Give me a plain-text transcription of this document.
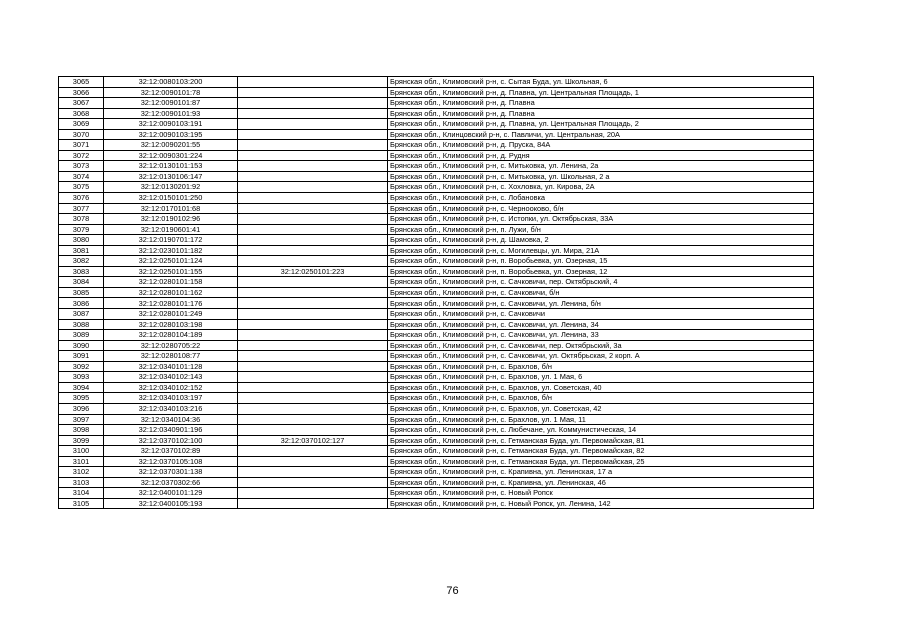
3065	32:12:0080103:200		Брянская обл., Климовский р-н, с. Сытая Буда, ул. Школьная, 6
3066	32:12:0090101:78		Брянская обл., Климовский р-н, д. Плавна, ул. Центральная Площадь, 1
3067	32:12:0090101:87		Брянская обл., Климовский р-н, д. Плавна
3068	32:12:0090101:93		Брянская обл., Климовский р-н, д. Плавна
3069	32:12:0090103:191		Брянская обл., Климовский р-н, д. Плавна, ул. Центральная Площадь, 2
3070	32:12:0090103:195		Брянская обл., Клинцовский р-н, с. Павличи, ул. Центральная, 20А
3071	32:12:0090201:55		Брянская обл., Климовский р-н, д. Пруска, 84А
3072	32:12:0090301:224		Брянская обл., Климовский р-н, д. Рудня
3073	32:12:0130101:153		Брянская обл., Климовский р-н, с. Митьковка, ул. Ленина, 2а
3074	32:12:0130106:147		Брянская обл., Климовский р-н, с. Митьковка, ул. Школьная, 2 а
3075	32:12:0130201:92		Брянская обл., Климовский р-н, с. Хохловка, ул. Кирова, 2А
3076	32:12:0150101:250		Брянская обл., Климовский р-н, с. Лобановка
3077	32:12:0170101:68		Брянская обл., Климовский р-н, с. Чернооково, б/н
3078	32:12:0190102:96		Брянская обл., Климовский р-н, с. Истопки, ул. Октябрьская, 33А
3079	32:12:0190601:41		Брянская обл., Климовский р-н, п. Лужи, б/н
3080	32:12:0190701:172		Брянская обл., Климовский р-н, д. Шамовка, 2
3081	32:12:0230101:182		Брянская обл., Климовский р-н, с. Могилевцы, ул. Мира, 21А
3082	32:12:0250101:124		Брянская обл., Климовский р-н, п. Воробьевка, ул. Озерная, 15
3083	32:12:0250101:155	32:12:0250101:223	Брянская обл., Климовский р-н, п. Воробьевка, ул. Озерная, 12
3084	32:12:0280101:158		Брянская обл., Климовский р-н, с. Сачковичи, пер. Октябрьский, 4
3085	32:12:0280101:162		Брянская обл., Климовский р-н, с. Сачковичи, б/н
3086	32:12:0280101:176		Брянская обл., Климовский р-н, с. Сачковичи, ул. Ленина, б/н
3087	32:12:0280101:249		Брянская обл., Климовский р-н, с. Сачковичи
3088	32:12:0280103:198		Брянская обл., Климовский р-н, с. Сачковичи, ул. Ленина, 34
3089	32:12:0280104:189		Брянская обл., Климовский р-н, с. Сачковичи, ул. Ленина, 33
3090	32:12:0280705:22		Брянская обл., Климовский р-н, с. Сачковичи, пер. Октябрьский, 3а
3091	32:12:0280108:77		Брянская обл., Климовский р-н, с. Сачковичи, ул. Октябрьская, 2 корп. А
3092	32:12:0340101:128		Брянская обл., Климовский р-н, с. Брахлов, б/н
3093	32:12:0340102:143		Брянская обл., Климовский р-н, с. Брахлов, ул. 1 Мая, 6
3094	32:12:0340102:152		Брянская обл., Климовский р-н, с. Брахлов, ул. Советская, 40
3095	32:12:0340103:197		Брянская обл., Климовский р-н, с. Брахлов, б/н
3096	32:12:0340103:216		Брянская обл., Климовский р-н, с. Брахлов, ул. Советская, 42
3097	32:12:0340104:36		Брянская обл., Климовский р-н, с. Брахлов, ул. 1 Мая, 11
3098	32:12:0340901:196		Брянская обл., Климовский р-н, с. Любечане, ул. Коммунистическая, 14
3099	32:12:0370102:100	32:12:0370102:127	Брянская обл., Климовский р-н, с. Гетманская Буда, ул. Первомайская, 81
3100	32:12:0370102:89		Брянская обл., Климовский р-н, с. Гетманская Буда, ул. Первомайская, 82
3101	32:12:0370105:108		Брянская обл., Климовский р-н, с. Гетманская Буда, ул. Первомайская, 25
3102	32:12:0370301:138		Брянская обл., Климовский р-н, с. Крапивна, ул. Ленинская, 17 а
3103	32:12:0370302:66		Брянская обл., Климовский р-н, с. Крапивна, ул. Ленинская, 46
3104	32:12:0400101:129		Брянская обл., Климовский р-н, с. Новый Ропск
3105	32:12:0400105:193		Брянская обл., Климовский р-н, с. Новый Ропск, ул. Ленина, 142
76
